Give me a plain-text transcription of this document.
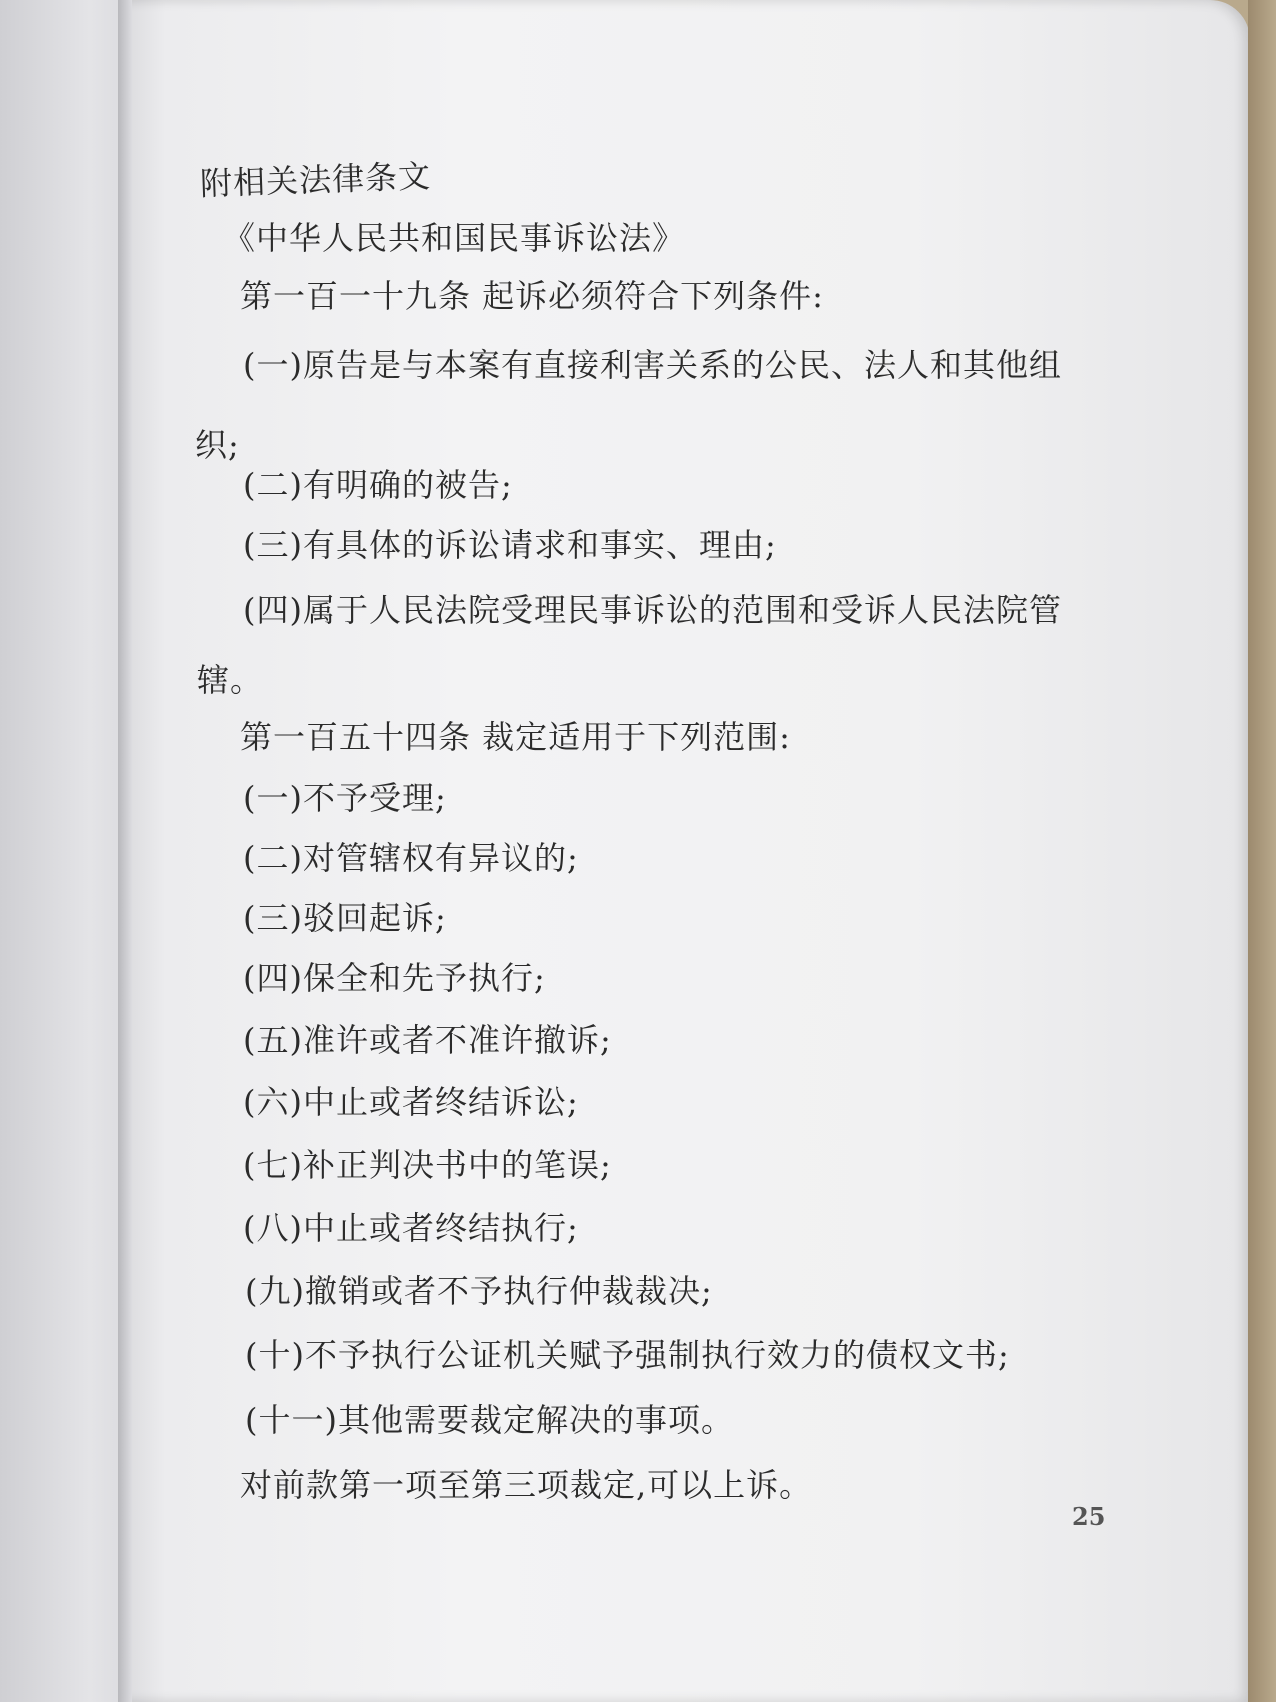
附相关法律条文
《中华人民共和国民事诉讼法》
第一百一十九条 起诉必须符合下列条件:
(一)原告是与本案有直接利害关系的公民、法人和其他组
织;
(二)有明确的被告;
(三)有具体的诉讼请求和事实、理由;
(四)属于人民法院受理民事诉讼的范围和受诉人民法院管
辖。
第一百五十四条 裁定适用于下列范围:
(一)不予受理;
(二)对管辖权有异议的;
(三)驳回起诉;
(四)保全和先予执行;
(五)准许或者不准许撤诉;
(六)中止或者终结诉讼;
(七)补正判决书中的笔误;
(八)中止或者终结执行;
(九)撤销或者不予执行仲裁裁决;
(十)不予执行公证机关赋予强制执行效力的债权文书;
(十一)其他需要裁定解决的事项。
对前款第一项至第三项裁定,可以上诉。
25
